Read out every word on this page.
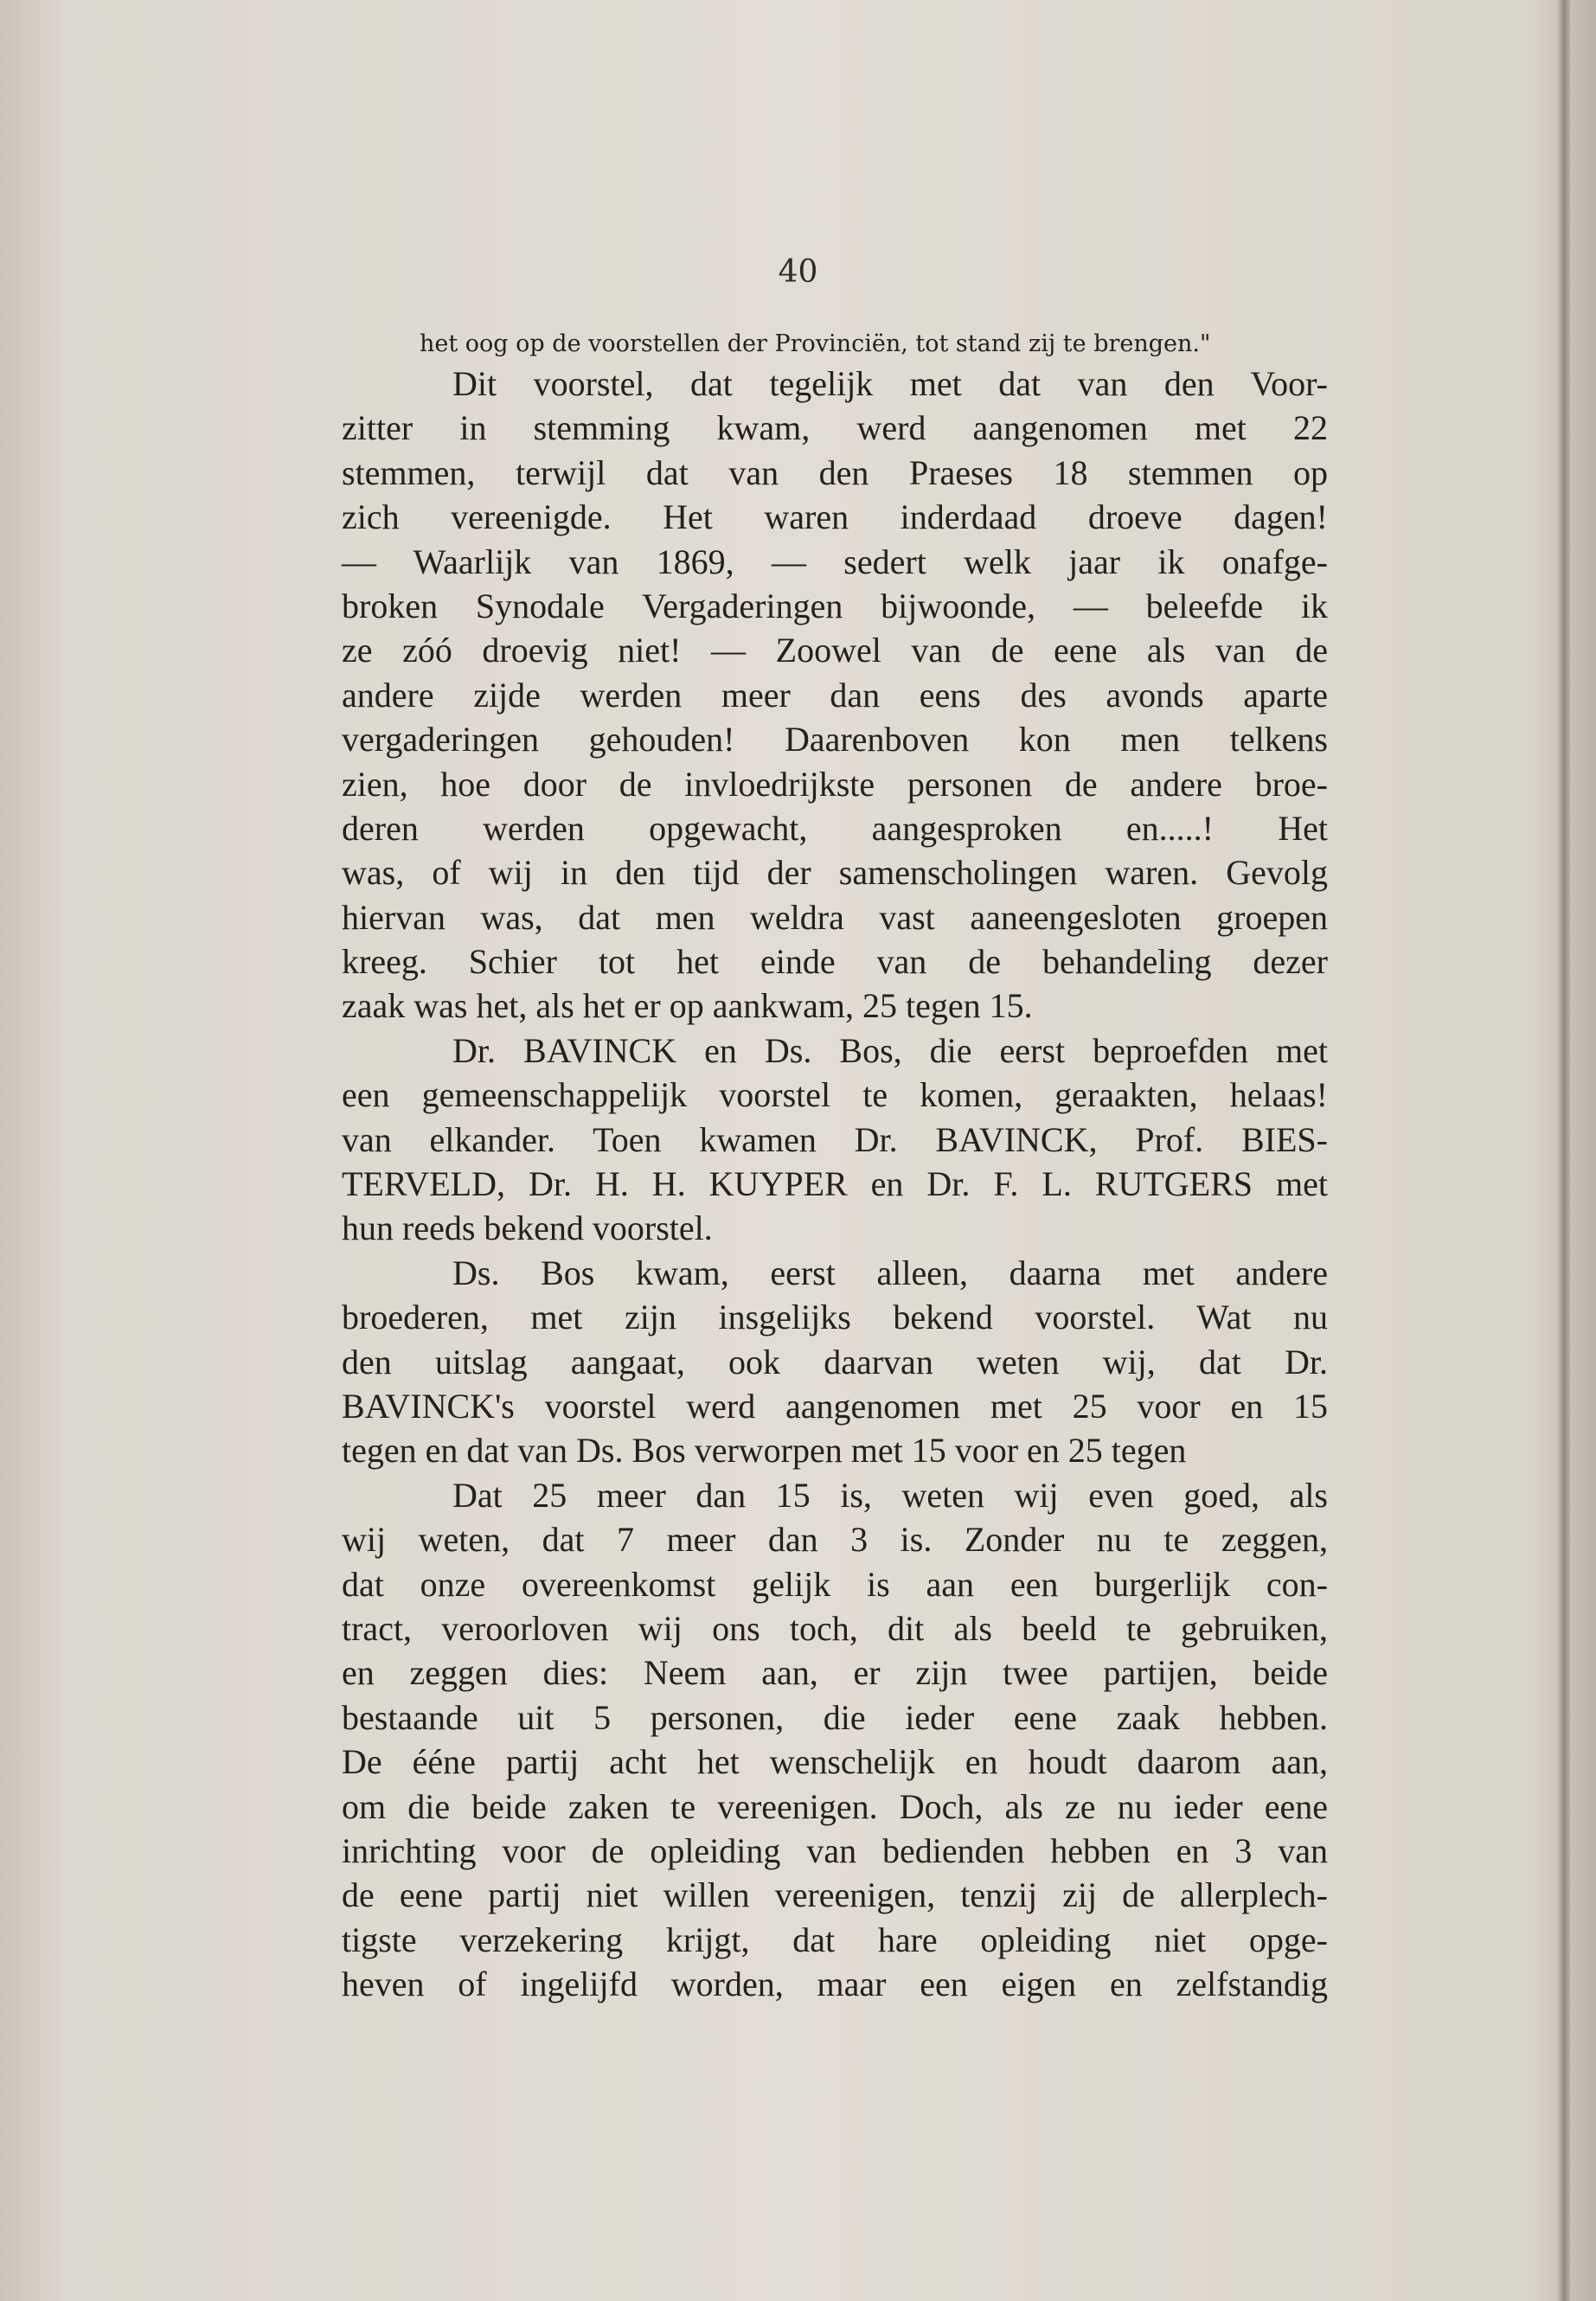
40
het oog op de voorstellen der Provinciën, tot stand zij te brengen."
Dit voorstel, dat tegelijk met dat van den Voor-
zitter in stemming kwam, werd aangenomen met 22
stemmen, terwijl dat van den Praeses 18 stemmen op
zich vereenigde. Het waren inderdaad droeve dagen!
— Waarlijk van 1869, — sedert welk jaar ik onafge-
broken Synodale Vergaderingen bijwoonde, — beleefde ik
ze zóó droevig niet! — Zoowel van de eene als van de
andere zijde werden meer dan eens des avonds aparte
vergaderingen gehouden! Daarenboven kon men telkens
zien, hoe door de invloedrijkste personen de andere broe-
deren werden opgewacht, aangesproken en.....! Het
was, of wij in den tijd der samenscholingen waren. Gevolg
hiervan was, dat men weldra vast aaneengesloten groepen
kreeg. Schier tot het einde van de behandeling dezer
zaak was het, als het er op aankwam, 25 tegen 15.
Dr. BAVINCK en Ds. Bos, die eerst beproefden met
een gemeenschappelijk voorstel te komen, geraakten, helaas!
van elkander. Toen kwamen Dr. BAVINCK, Prof. BIES-
TERVELD, Dr. H. H. KUYPER en Dr. F. L. RUTGERS met
hun reeds bekend voorstel.
Ds. Bos kwam, eerst alleen, daarna met andere
broederen, met zijn insgelijks bekend voorstel. Wat nu
den uitslag aangaat, ook daarvan weten wij, dat Dr.
BAVINCK's voorstel werd aangenomen met 25 voor en 15
tegen en dat van Ds. Bos verworpen met 15 voor en 25 tegen
Dat 25 meer dan 15 is, weten wij even goed, als
wij weten, dat 7 meer dan 3 is. Zonder nu te zeggen,
dat onze overeenkomst gelijk is aan een burgerlijk con-
tract, veroorloven wij ons toch, dit als beeld te gebruiken,
en zeggen dies: Neem aan, er zijn twee partijen, beide
bestaande uit 5 personen, die ieder eene zaak hebben.
De ééne partij acht het wenschelijk en houdt daarom aan,
om die beide zaken te vereenigen. Doch, als ze nu ieder eene
inrichting voor de opleiding van bedienden hebben en 3 van
de eene partij niet willen vereenigen, tenzij zij de allerplech-
tigste verzekering krijgt, dat hare opleiding niet opge-
heven of ingelijfd worden, maar een eigen en zelfstandig
